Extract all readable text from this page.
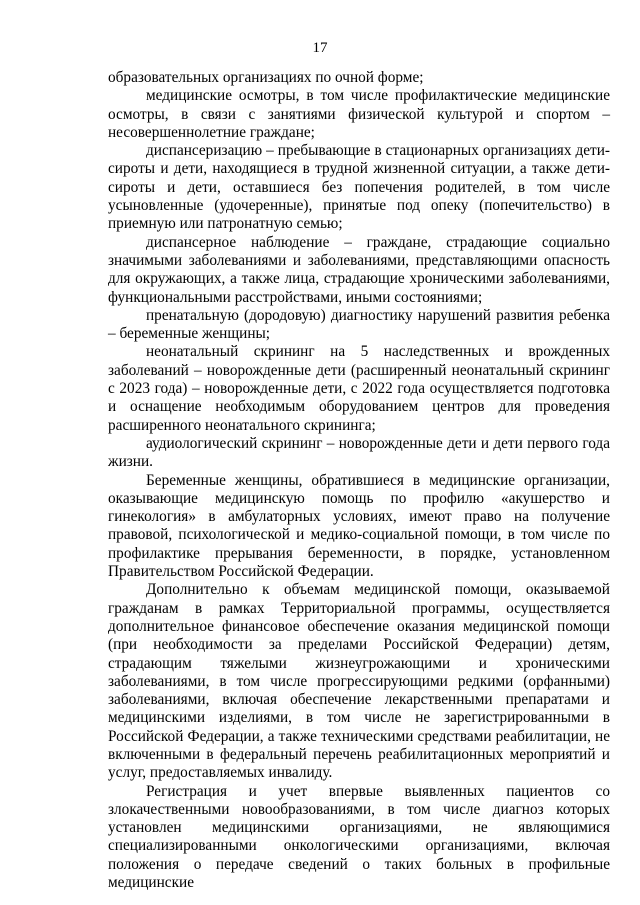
17

образовательных организациях по очной форме;

медицинские осмотры, в том числе профилактические медицинские осмотры, в связи с занятиями физической культурой и спортом – несовершеннолетние граждане;

диспансеризацию – пребывающие в стационарных организациях дети-сироты и дети, находящиеся в трудной жизненной ситуации, а также дети-сироты и дети, оставшиеся без попечения родителей, в том числе усыновленные (удочеренные), принятые под опеку (попечительство) в приемную или патронатную семью;

диспансерное наблюдение – граждане, страдающие социально значимыми заболеваниями и заболеваниями, представляющими опасность для окружающих, а также лица, страдающие хроническими заболеваниями, функциональными расстройствами, иными состояниями;

пренатальную (дородовую) диагностику нарушений развития ребенка – беременные женщины;

неонатальный скрининг на 5 наследственных и врожденных заболеваний – новорожденные дети (расширенный неонатальный скрининг с 2023 года) – новорожденные дети, с 2022 года осуществляется подготовка и оснащение необходимым оборудованием центров для проведения расширенного неонатального скрининга;

аудиологический скрининг – новорожденные дети и дети первого года жизни.

Беременные женщины, обратившиеся в медицинские организации, оказывающие медицинскую помощь по профилю «акушерство и гинекология» в амбулаторных условиях, имеют право на получение правовой, психологической и медико-социальной помощи, в том числе по профилактике прерывания беременности, в порядке, установленном Правительством Российской Федерации.

Дополнительно к объемам медицинской помощи, оказываемой гражданам в рамках Территориальной программы, осуществляется дополнительное финансовое обеспечение оказания медицинской помощи (при необходимости за пределами Российской Федерации) детям, страдающим тяжелыми жизнеугрожающими и хроническими заболеваниями, в том числе прогрессирующими редкими (орфанными) заболеваниями, включая обеспечение лекарственными препаратами и медицинскими изделиями, в том числе не зарегистрированными в Российской Федерации, а также техническими средствами реабилитации, не включенными в федеральный перечень реабилитационных мероприятий и услуг, предоставляемых инвалиду.

Регистрация и учет впервые выявленных пациентов со злокачественными новообразованиями, в том числе диагноз которых установлен медицинскими организациями, не являющимися специализированными онкологическими организациями, включая положения о передаче сведений о таких больных в профильные медицинские
